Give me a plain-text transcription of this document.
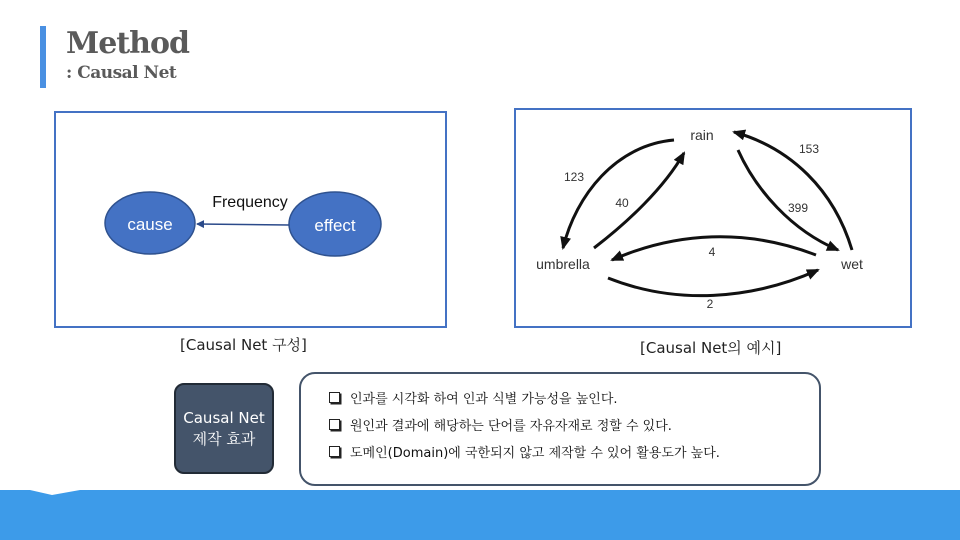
Method
: Causal Net
cause	effect
Frequency
[Causal Net 구성]
rain
umbrella	wet
123
40
153
399
4
2
[Causal Net의 예시]
Causal Net
제작 효과
인과를 시각화 하여 인과 식별 가능성을 높인다.
원인과 결과에 해당하는 단어를 자유자재로 정할 수 있다.
도메인(Domain)에 국한되지 않고 제작할 수 있어 활용도가 높다.
